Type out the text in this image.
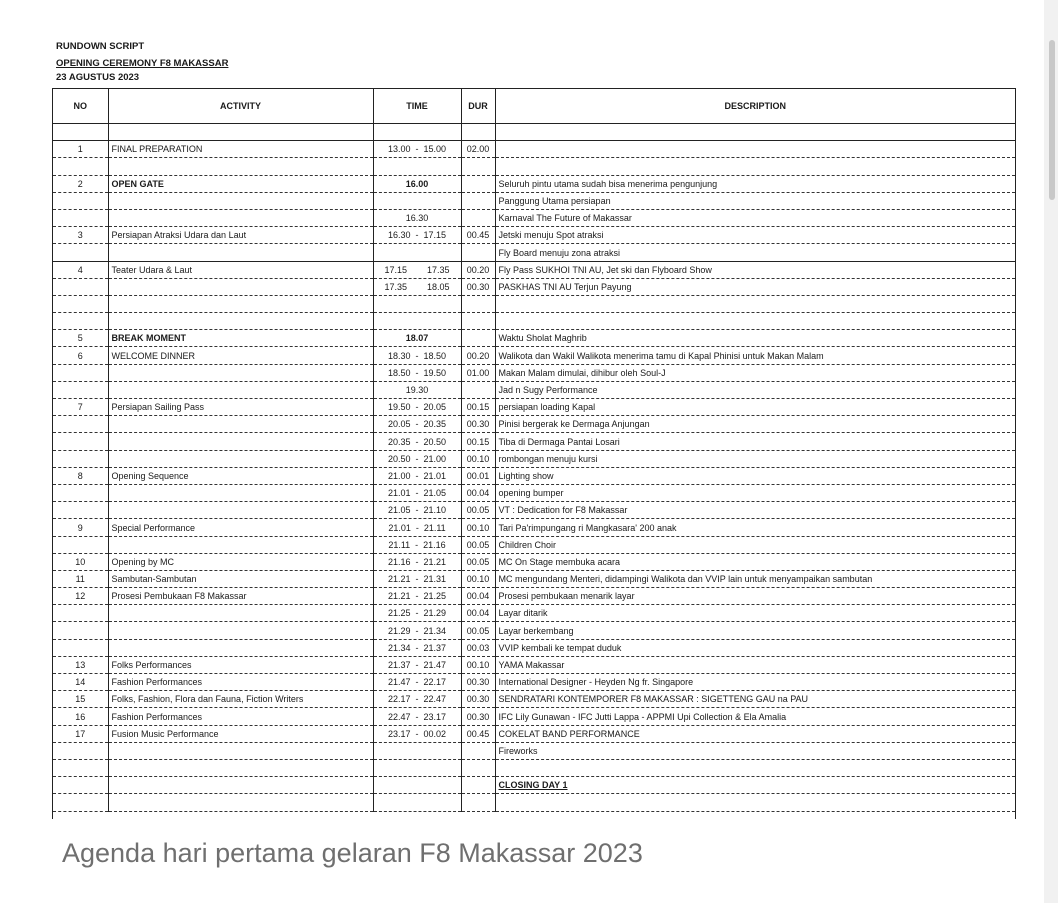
RUNDOWN SCRIPT
OPENING CEREMONY F8 MAKASSAR
23 AGUSTUS 2023
NO	ACTIVITY	TIME	DUR	DESCRIPTION

1	FINAL PREPARATION	13.00  -  15.00	02.00	

2	OPEN GATE	16.00		Seluruh pintu utama sudah bisa menerima pengunjung
				Panggung Utama persiapan
		16.30		Karnaval The Future of Makassar
3	Persiapan Atraksi Udara dan Laut	16.30  -  17.15	00.45	Jetski menuju Spot atraksi
				Fly Board menuju zona atraksi
4	Teater Udara & Laut	17.15        17.35	00.20	Fly Pass SUKHOI TNI AU, Jet ski dan Flyboard Show
		17.35        18.05	00.30	PASKHAS TNI AU Terjun Payung

5	BREAK MOMENT	18.07		Waktu Sholat Maghrib
6	WELCOME DINNER	18.30  -  18.50	00.20	Walikota dan Wakil Walikota menerima tamu di Kapal Phinisi untuk Makan Malam
		18.50  -  19.50	01.00	Makan Malam dimulai, dihibur oleh Soul-J
		19.30		Jad n Sugy Performance
7	Persiapan Sailing Pass	19.50  -  20.05	00.15	persiapan loading Kapal
		20.05  -  20.35	00.30	Pinisi bergerak ke Dermaga Anjungan
		20.35  -  20.50	00.15	Tiba di Dermaga Pantai Losari
		20.50  -  21.00	00.10	rombongan menuju kursi
8	Opening Sequence	21.00  -  21.01	00.01	Lighting show
		21.01  -  21.05	00.04	opening bumper
		21.05  -  21.10	00.05	VT : Dedication for F8 Makassar
9	Special Performance	21.01  -  21.11	00.10	Tari Pa'rimpungang ri Mangkasara' 200 anak
		21.11  -  21.16	00.05	Children Choir
10	Opening by MC	21.16  -  21.21	00.05	MC On Stage membuka acara
11	Sambutan-Sambutan	21.21  -  21.31	00.10	MC mengundang Menteri, didampingi Walikota dan VVIP lain untuk menyampaikan sambutan
12	Prosesi Pembukaan F8 Makassar	21.21  -  21.25	00.04	Prosesi pembukaan menarik layar
		21.25  -  21.29	00.04	Layar ditarik
		21.29  -  21.34	00.05	Layar berkembang
		21.34  -  21.37	00.03	VVIP kembali ke tempat duduk
13	Folks Performances	21.37  -  21.47	00.10	YAMA Makassar
14	Fashion Performances	21.47  -  22.17	00.30	International Designer - Heyden Ng fr. Singapore
15	Folks, Fashion, Flora dan Fauna, Fiction Writers	22.17  -  22.47	00.30	SENDRATARI KONTEMPORER F8 MAKASSAR : SIGETTENG GAU na PAU
16	Fashion Performances	22.47  -  23.17	00.30	IFC Lily Gunawan - IFC Jutti Lappa - APPMI Upi Collection & Ela Amalia
17	Fusion Music Performance	23.17  -  00.02	00.45	COKELAT BAND PERFORMANCE
				Fireworks

				CLOSING DAY 1

Agenda hari pertama gelaran F8 Makassar 2023
